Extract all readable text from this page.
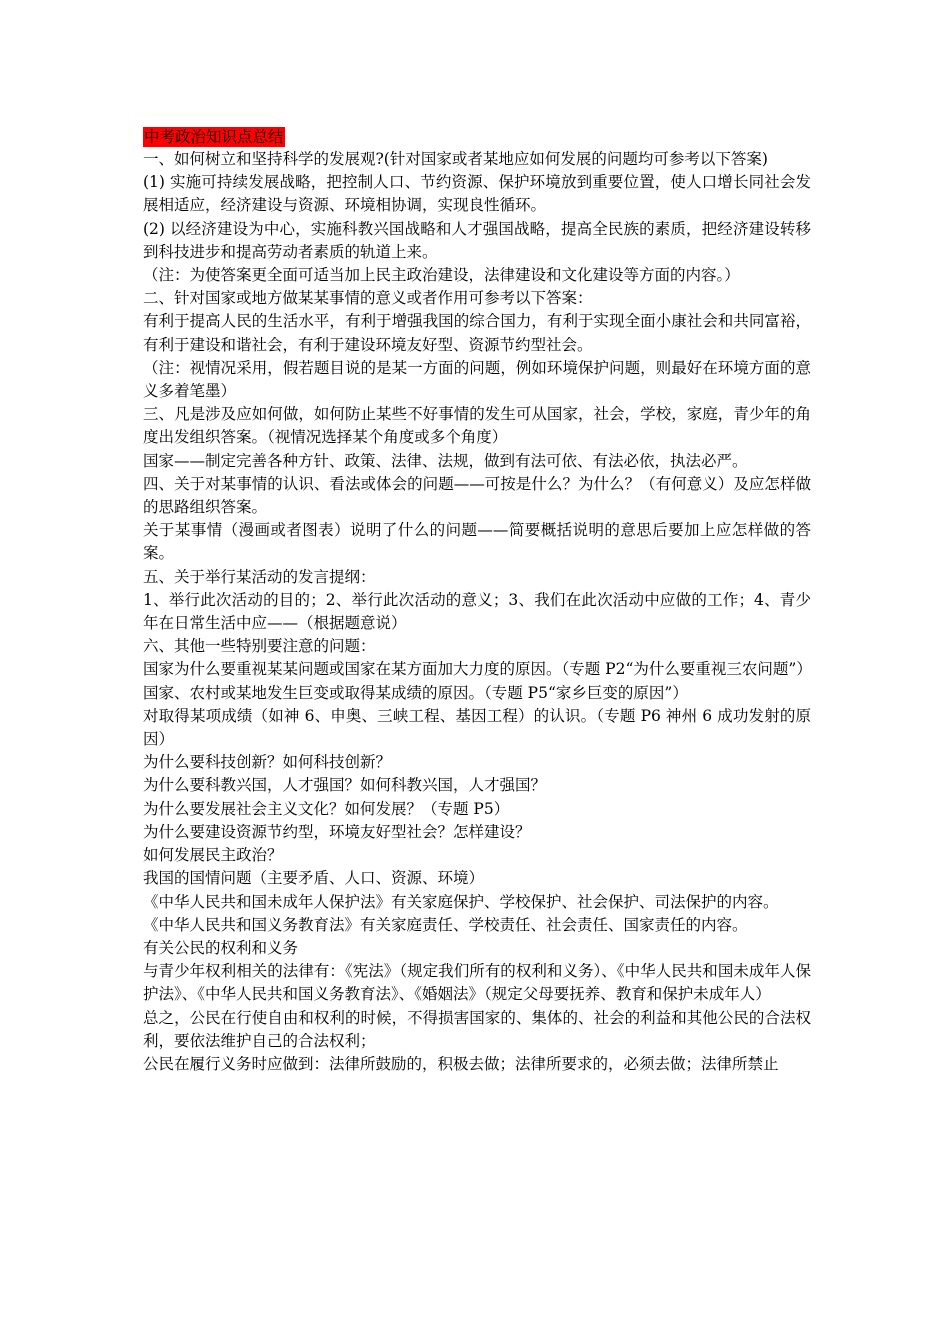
中考政治知识点总结

一、如何树立和坚持科学的发展观?(针对国家或者某地应如何发展的问题均可参考以下答案)

(1) 实施可持续发展战略，把控制人口、节约资源、保护环境放到重要位置，使人口增长同社会发展相适应，经济建设与资源、环境相协调，实现良性循环。

(2) 以经济建设为中心，实施科教兴国战略和人才强国战略，提高全民族的素质，把经济建设转移到科技进步和提高劳动者素质的轨道上来。

（注：为使答案更全面可适当加上民主政治建设，法律建设和文化建设等方面的内容。）

二、针对国家或地方做某某事情的意义或者作用可参考以下答案：

有利于提高人民的生活水平，有利于增强我国的综合国力，有利于实现全面小康社会和共同富裕，有利于建设和谐社会，有利于建设环境友好型、资源节约型社会。

（注：视情况采用，假若题目说的是某一方面的问题，例如环境保护问题，则最好在环境方面的意义多着笔墨）

三、凡是涉及应如何做，如何防止某些不好事情的发生可从国家，社会，学校，家庭，青少年的角度出发组织答案。（视情况选择某个角度或多个角度）

国家——制定完善各种方针、政策、法律、法规，做到有法可依、有法必依，执法必严。

四、关于对某事情的认识、看法或体会的问题——可按是什么？为什么？（有何意义）及应怎样做的思路组织答案。

关于某事情（漫画或者图表）说明了什么的问题——简要概括说明的意思后要加上应怎样做的答案。

五、关于举行某活动的发言提纲：

1、举行此次活动的目的；2、举行此次活动的意义；3、我们在此次活动中应做的工作；4、青少年在日常生活中应——（根据题意说）

六、其他一些特别要注意的问题：

国家为什么要重视某某问题或国家在某方面加大力度的原因。（专题 P2“为什么要重视三农问题”）

国家、农村或某地发生巨变或取得某成绩的原因。（专题 P5“家乡巨变的原因”）

对取得某项成绩（如神 6、申奥、三峡工程、基因工程）的认识。（专题 P6 神州 6 成功发射的原因）

为什么要科技创新？如何科技创新？

为什么要科教兴国，人才强国？如何科教兴国，人才强国？

为什么要发展社会主义文化？如何发展？（专题 P5）

为什么要建设资源节约型，环境友好型社会？怎样建设？

如何发展民主政治？

我国的国情问题（主要矛盾、人口、资源、环境）

《中华人民共和国未成年人保护法》有关家庭保护、学校保护、社会保护、司法保护的内容。

《中华人民共和国义务教育法》有关家庭责任、学校责任、社会责任、国家责任的内容。

有关公民的权利和义务

与青少年权利相关的法律有：《宪法》（规定我们所有的权利和义务）、《中华人民共和国未成年人保护法》、《中华人民共和国义务教育法》、《婚姻法》（规定父母要抚养、教育和保护未成年人）

总之，公民在行使自由和权利的时候，不得损害国家的、集体的、社会的利益和其他公民的合法权利，要依法维护自己的合法权利；

公民在履行义务时应做到：法律所鼓励的，积极去做；法律所要求的，必须去做；法律所禁止
